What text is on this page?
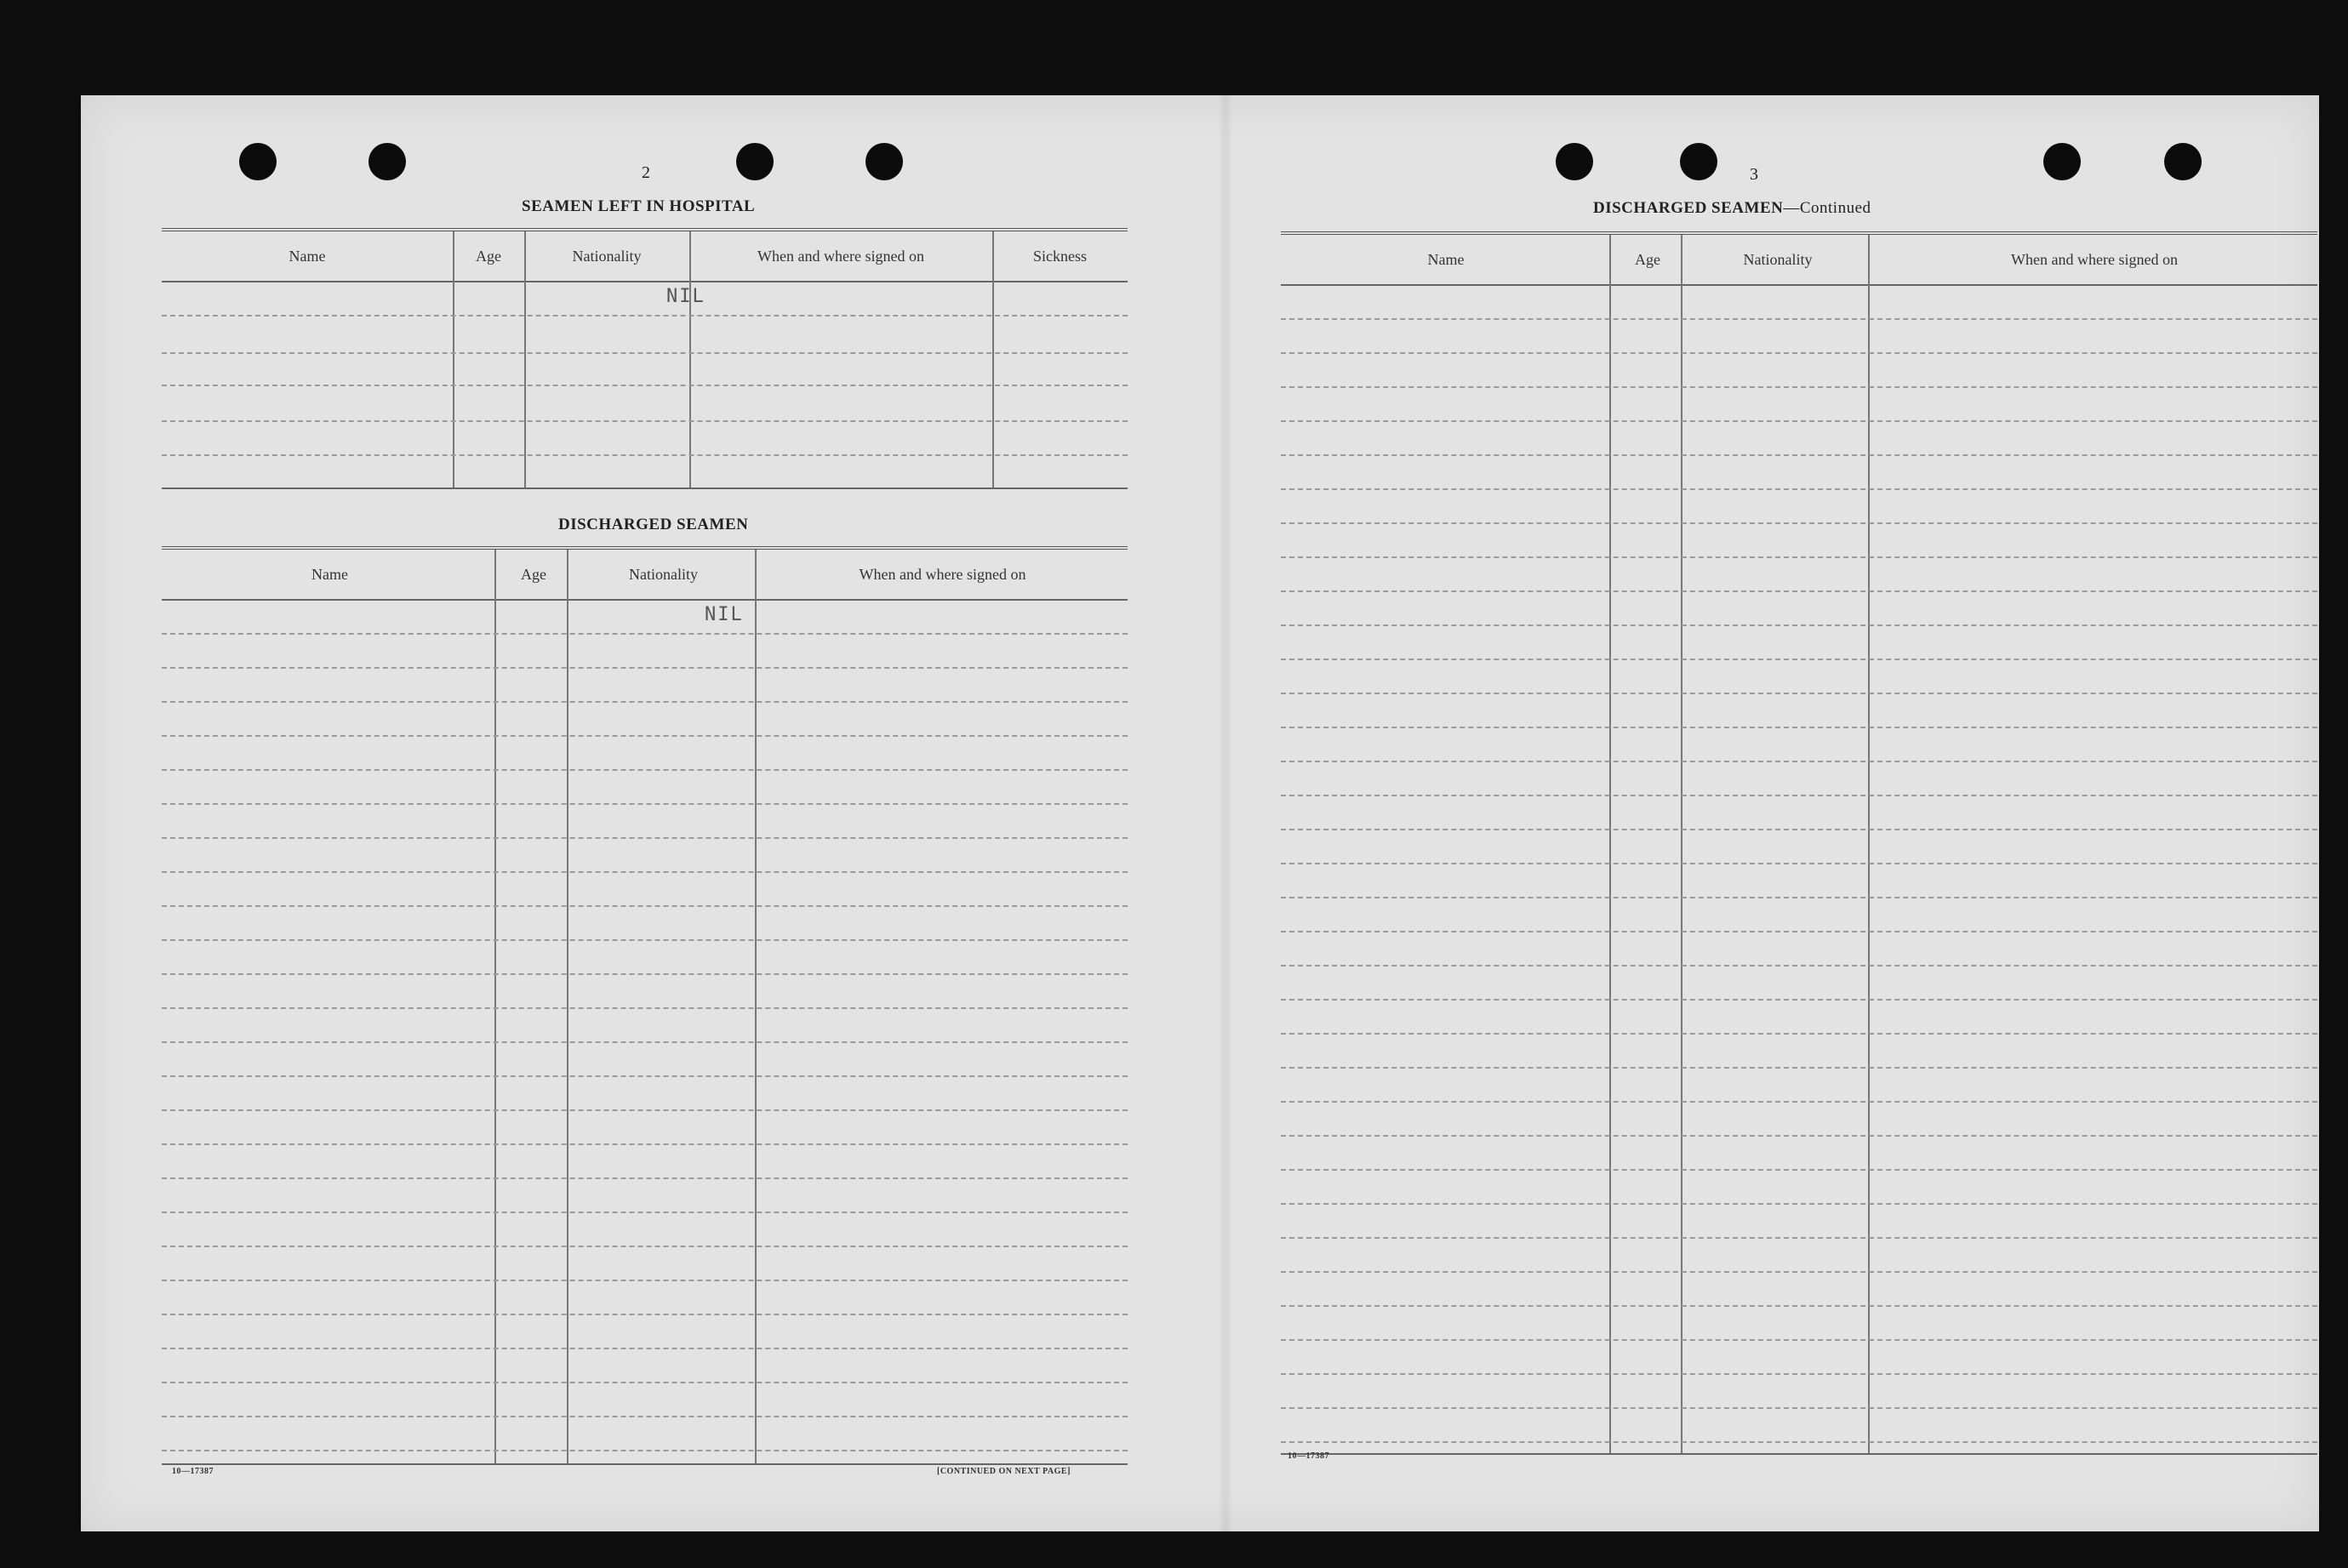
2
SEAMEN LEFT IN HOSPITAL
Name	Age	Nationality	When and where signed on	Sickness
NIL
DISCHARGED SEAMEN
Name	Age	Nationality	When and where signed on
NIL
10—17387	[CONTINUED ON NEXT PAGE]
3
DISCHARGED SEAMEN—Continued
Name	Age	Nationality	When and where signed on
10—17387
